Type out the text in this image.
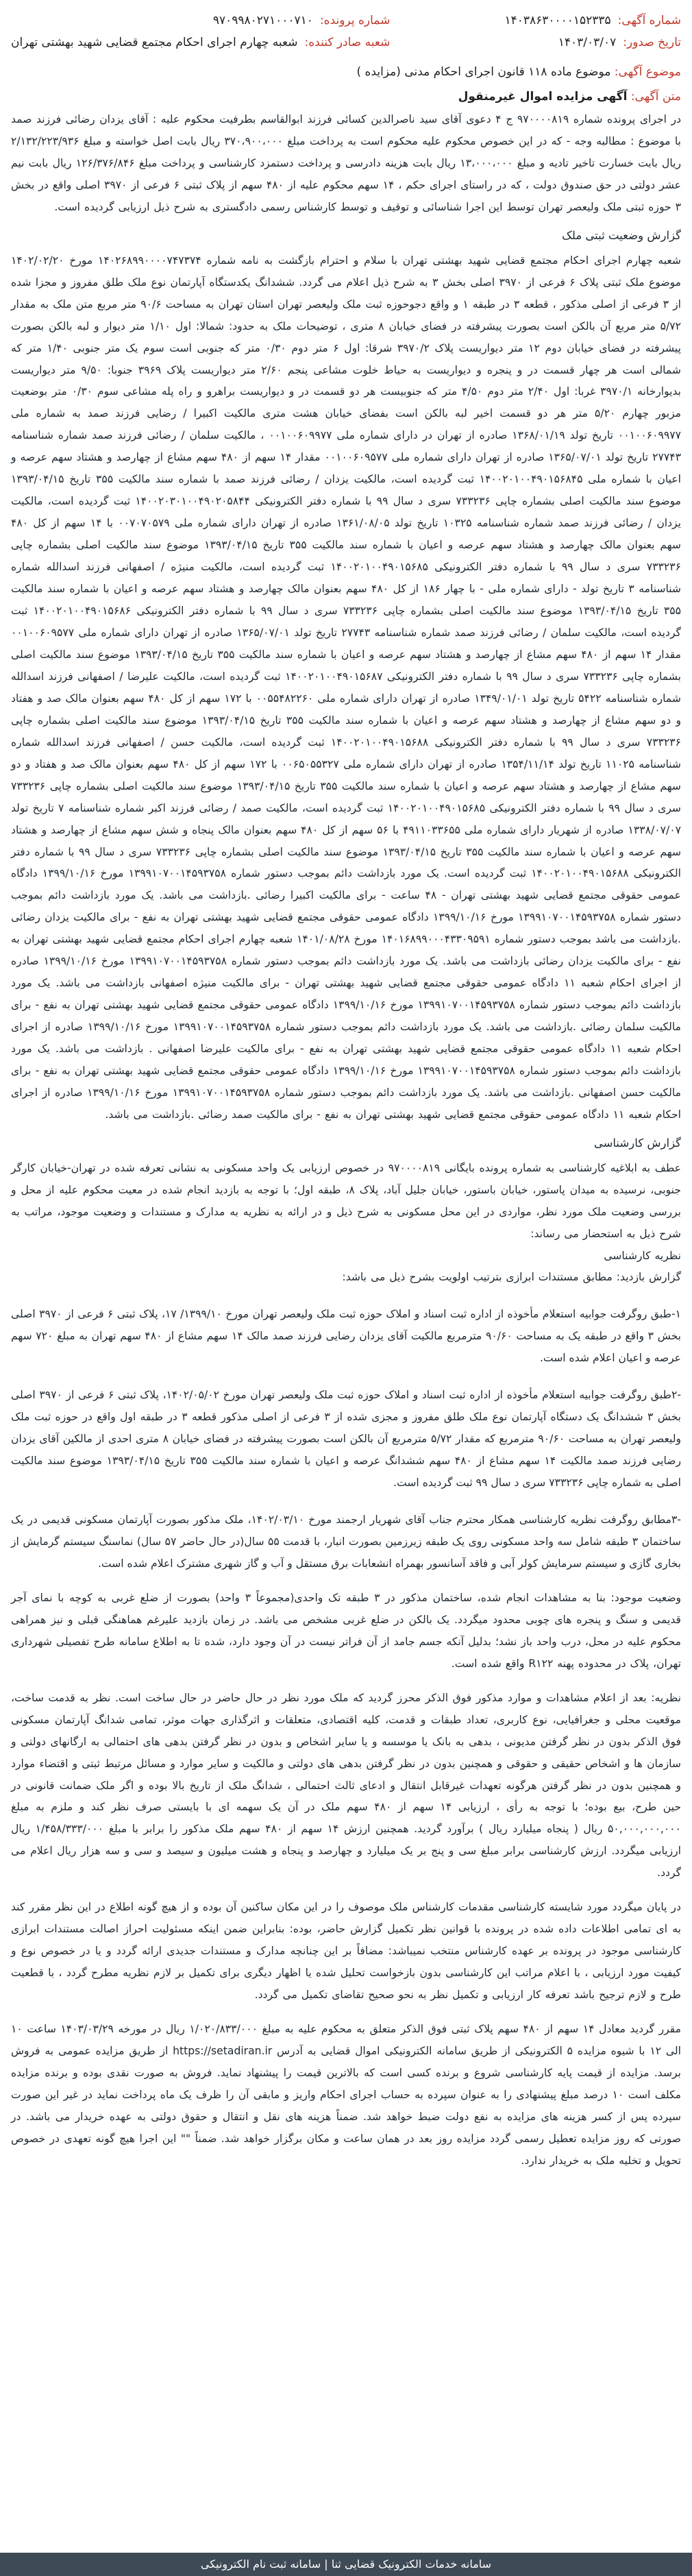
شماره آگهی:
۱۴۰۳۸۶۳۰۰۰۰۱۵۲۳۳۵
تاریخ صدور:
۱۴۰۳/۰۳/۰۷
شماره پرونده:
۹۷۰۹۹۸۰۲۷۱۰۰۰۷۱۰
شعبه صادر کننده:
شعبه چهارم اجرای احکام مجتمع قضایی شهید بهشتی تهران
موضوع آگهی: موضوع ماده ۱۱۸ قانون اجرای احکام مدنی (مزایده )
متن آگهی: آگهی مزایده اموال غیرمنقول

در اجرای پرونده شماره ۹۷۰۰۰۰۸۱۹ ج ۴ دعوی آقای سید ناصرالدین کسائی فرزند ابوالقاسم بطرفیت محکوم علیه : آقای یزدان رضائی فرزند صمد با موضوع : مطالبه وجه - که در این خصوص محکوم علیه محکوم است به پرداخت مبلغ ۳۷۰،۹۰۰،۰۰۰ ریال بابت اصل خواسته و مبلغ ۲/۱۳۲/۲۲۳/۹۳۶ ریال بابت خسارت تاخیر تادیه و مبلغ ۱۳،۰۰۰،۰۰۰ ریال بابت هزینه دادرسی و پرداخت دستمزد کارشناسی و پرداخت مبلغ ۱۲۶/۳۷۶/۸۴۶ ریال بابت نیم عشر دولتی در حق صندوق دولت ، که در راستای اجرای حکم ، ۱۴ سهم محکوم علیه از ۴۸۰ سهم از پلاک ثبتی ۶ فرعی از ۳۹۷۰ اصلی واقع در بخش ۳ حوزه ثبتی ملک ولیعصر تهران توسط این اجرا شناسائی و توقیف و توسط کارشناس رسمی دادگستری به شرح ذیل ارزیابی گردیده است.

گزارش وضعیت ثبتی ملک

شعبه چهارم اجرای احکام مجتمع قضایی شهید بهشتی تهران با سلام و احترام بازگشت به نامه شماره ۱۴۰۲۶۸۹۹۰۰۰۰۷۴۷۳۷۴ مورخ ۱۴۰۲/۰۲/۲۰ موضوع ملک ثبتی پلاک ۶ فرعی از ۳۹۷۰ اصلی بخش ۳ به شرح ذیل اعلام می گردد. ششدانگ یکدستگاه آپارتمان نوع ملک طلق مفروز و مجزا شده از ۳ فرعی از اصلی مذکور ، قطعه ۳ در طبقه ۱ و واقع دجوحوزه ثبت ملک ولیعصر تهران استان تهران به مساحت ۹۰/۶ متر مربع متن ملک به مقدار ۵/۷۲ متر مربع آن بالکن است بصورت پیشرفته در فضای خیابان ۸ متری ، توضیحات ملک به حدود: شمالا: اول ۱/۱۰ متر دیوار و لبه بالکن بصورت پیشرفته در فضای خیابان دوم ۱۲ متر دیواریست پلاک ۳۹۷۰/۲ شرقا: اول ۶ متر دوم ۰/۳۰ متر که جنوبی است سوم یک متر جنوبی ۱/۴۰ متر که شمالی است هر چهار قسمت در و پنجره و دیواریست به حیاط خلوت مشاعی پنجم ۲/۶۰ متر دیواریست پلاک ۳۹۶۹ جنوبا: ۹/۵۰ متر دیواریست بدیوارخانه ۳۹۷۰/۱ غربا: اول ۲/۴۰ متر دوم ۴/۵۰ متر که جنوبیست هر دو قسمت در و دیواریست براهرو و راه پله مشاعی سوم ۰/۳۰ متر بوضعیت مزبور چهارم ۵/۲۰ متر هر دو قسمت اخیر لبه بالکن است بفضای خیابان هشت متری مالکیت اکبیرا / رضایی فرزند صمد به شماره ملی ۰۰۱۰۰۶۰۹۹۷۷ تاریخ تولد ۱۳۶۸/۰۱/۱۹ صادره از تهران در دارای شماره ملی ۰۰۱۰۰۶۰۹۹۷۷ ، مالکیت سلمان / رضائی فرزند صمد شماره شناسنامه ۲۷۷۴۳ تاریخ تولد ۱۳۶۵/۰۷/۰۱ صادره از تهران دارای شماره ملی ۰۰۱۰۰۶۰۹۵۷۷ مقدار ۱۴ سهم از ۴۸۰ سهم مشاع از چهارصد و هشتاد سهم عرصه و اعیان با شماره ملی ۱۴۰۰۲۰۱۰۰۴۹۰۱۵۶۸۴۵ ثبت گردیده است، مالکیت یزدان / رضائی فرزند صمد با شماره سند مالکیت ۳۵۵ تاریخ ۱۳۹۳/۰۴/۱۵ موضوع سند مالکیت اصلی بشماره چاپی ۷۳۳۲۳۶ سری د سال ۹۹ با شماره دفتر الکترونیکی ۱۴۰۰۲۰۳۰۱۰۰۴۹۰۲۰۵۸۴۴ ثبت گردیده است، مالکیت یزدان / رضائی فرزند صمد شماره شناسنامه ۱۰۳۲۵ تاریخ تولد ۱۳۶۱/۰۸/۰۵ صادره از تهران دارای شماره ملی ۰۰۷۰۷۰۵۷۹ با ۱۴ سهم از کل ۴۸۰ سهم بعنوان مالک چهارصد و هشتاد سهم عرصه و اعیان با شماره سند مالکیت ۳۵۵ تاریخ ۱۳۹۳/۰۴/۱۵ موضوع سند مالکیت اصلی بشماره چاپی ۷۳۳۲۳۶ سری د سال ۹۹ با شماره دفتر الکترونیکی ۱۴۰۰۲۰۱۰۰۴۹۰۱۵۶۸۵ ثبت گردیده است، مالکیت منیژه / اصفهانی فرزند اسدالله شماره شناسنامه ۳ تاریخ تولد - دارای شماره ملی - با چهار ۱۸۶ از کل ۴۸۰ سهم بعنوان مالک چهارصد و هشتاد سهم عرصه و اعیان با شماره سند مالکیت ۳۵۵ تاریخ ۱۳۹۳/۰۴/۱۵ موضوع سند مالکیت اصلی بشماره چاپی ۷۳۳۲۳۶ سری د سال ۹۹ با شماره دفتر الکترونیکی ۱۴۰۰۲۰۱۰۰۴۹۰۱۵۶۸۶ ثبت گردیده است، مالکیت سلمان / رضائی فرزند صمد شماره شناسنامه ۲۷۷۴۳ تاریخ تولد ۱۳۶۵/۰۷/۰۱ صادره از تهران دارای شماره ملی ۰۰۱۰۰۶۰۹۵۷۷ مقدار ۱۴ سهم از ۴۸۰ سهم مشاع از چهارصد و هشتاد سهم عرصه و اعیان با شماره سند مالکیت ۳۵۵ تاریخ ۱۳۹۳/۰۴/۱۵ موضوع سند مالکیت اصلی بشماره چاپی ۷۳۳۲۳۶ سری د سال ۹۹ با شماره دفتر الکترونیکی ۱۴۰۰۲۰۱۰۰۴۹۰۱۵۶۸۷ ثبت گردیده است، مالکیت علیرضا / اصفهانی فرزند اسدالله شماره شناسنامه ۵۴۲۲ تاریخ تولد ۱۳۴۹/۰۱/۰۱ صادره از تهران دارای شماره ملی ۰۰۵۵۴۸۲۲۶۰ با ۱۷۲ سهم از کل ۴۸۰ سهم بعنوان مالک صد و هفتاد و دو سهم مشاع از چهارصد و هشتاد سهم عرصه و اعیان با شماره سند مالکیت ۳۵۵ تاریخ ۱۳۹۳/۰۴/۱۵ موضوع سند مالکیت اصلی بشماره چاپی ۷۳۳۲۳۶ سری د سال ۹۹ با شماره دفتر الکترونیکی ۱۴۰۰۲۰۱۰۰۴۹۰۱۵۶۸۸ ثبت گردیده است، مالکیت حسن / اصفهانی فرزند اسدالله شماره شناسنامه ۱۱۰۲۵ تاریخ تولد ۱۳۵۴/۱۱/۱۴ صادره از تهران دارای شماره ملی ۰۰۶۵۰۵۵۳۲۷ با ۱۷۲ سهم از کل ۴۸۰ سهم بعنوان مالک صد و هفتاد و دو سهم مشاع از چهارصد و هشتاد سهم عرصه و اعیان با شماره سند مالکیت ۳۵۵ تاریخ ۱۳۹۳/۰۴/۱۵ موضوع سند مالکیت اصلی بشماره چاپی ۷۳۳۲۳۶ سری د سال ۹۹ با شماره دفتر الکترونیکی ۱۴۰۰۲۰۱۰۰۴۹۰۱۵۶۸۵ ثبت گردیده است، مالکیت صمد / رضائی فرزند اکبر شماره شناسنامه ۷ تاریخ تولد ۱۳۳۸/۰۷/۰۷ صادره از شهریار دارای شماره ملی ۴۹۱۱۰۳۳۶۵۵ با ۵۶ سهم از کل ۴۸۰ سهم بعنوان مالک پنجاه و شش سهم مشاع از چهارصد و هشتاد سهم عرصه و اعیان با شماره سند مالکیت ۳۵۵ تاریخ ۱۳۹۳/۰۴/۱۵ موضوع سند مالکیت اصلی بشماره چاپی ۷۳۳۲۳۶ سری د سال ۹۹ با شماره دفتر الکترونیکی ۱۴۰۰۲۰۱۰۰۴۹۰۱۵۶۸۸ ثبت گردیده است. یک مورد بازداشت دائم بموجب دستور شماره ۱۳۹۹۱۰۷۰۰۱۴۵۹۳۷۵۸ مورخ ۱۳۹۹/۱۰/۱۶ دادگاه عمومی حقوقی مجتمع قضایی شهید بهشتی تهران - ۴۸ ساعت - برای مالکیت اکبیرا رضائی .بازداشت می باشد. یک مورد بازداشت دائم بموجب دستور شماره ۱۳۹۹۱۰۷۰۰۱۴۵۹۳۷۵۸ مورخ ۱۳۹۹/۱۰/۱۶ دادگاه عمومی حقوقی مجتمع قضایی شهید بهشتی تهران به نفع - برای مالکیت یزدان رضائی .بازداشت می باشد بموجب دستور شماره ۱۴۰۱۶۸۹۹۰۰۰۴۳۳۰۹۵۹۱ مورخ ۱۴۰۱/۰۸/۲۸ شعبه چهارم اجرای احکام مجتمع قضایی شهید بهشتی تهران به نفع - برای مالکیت یزدان رضائی بازداشت می باشد. یک مورد بازداشت دائم بموجب دستور شماره ۱۳۹۹۱۰۷۰۰۱۴۵۹۳۷۵۸ مورخ ۱۳۹۹/۱۰/۱۶ صادره از اجرای احکام شعبه ۱۱ دادگاه عمومی حقوقی مجتمع قضایی شهید بهشتی تهران - برای مالکیت منیژه اصفهانی بازداشت می باشد. یک مورد بازداشت دائم بموجب دستور شماره ۱۳۹۹۱۰۷۰۰۱۴۵۹۳۷۵۸ مورخ ۱۳۹۹/۱۰/۱۶ دادگاه عمومی حقوقی مجتمع قضایی شهید بهشتی تهران به نفع - برای مالکیت سلمان رضائی .بازداشت می باشد. یک مورد بازداشت دائم بموجب دستور شماره ۱۳۹۹۱۰۷۰۰۱۴۵۹۳۷۵۸ مورخ ۱۳۹۹/۱۰/۱۶ صادره از اجرای احکام شعبه ۱۱ دادگاه عمومی حقوقی مجتمع قضایی شهید بهشتی تهران به نفع - برای مالکیت علیرضا اصفهانی . بازداشت می باشد. یک مورد بازداشت دائم بموجب دستور شماره ۱۳۹۹۱۰۷۰۰۱۴۵۹۳۷۵۸ مورخ ۱۳۹۹/۱۰/۱۶ دادگاه عمومی حقوقی مجتمع قضایی شهید بهشتی تهران به نفع - برای مالکیت حسن اصفهانی .بازداشت می باشد. یک مورد بازداشت دائم بموجب دستور شماره ۱۳۹۹۱۰۷۰۰۱۴۵۹۳۷۵۸ مورخ ۱۳۹۹/۱۰/۱۶ صادره از اجرای احکام شعبه ۱۱ دادگاه عمومی حقوقی مجتمع قضایی شهید بهشتی تهران به نفع - برای مالکیت صمد رضائی .بازداشت می باشد.

گزارش کارشناسی

عطف به ابلاغیه کارشناسی به شماره پرونده بایگانی ۹۷۰۰۰۰۸۱۹ در خصوص ارزیابی یک واحد مسکونی به نشانی تعرفه شده در تهران-خیابان کارگر جنوبی، نرسیده به میدان پاستور، خیابان باستور، خیابان جلیل آباد، پلاک ۸، طبقه اول؛ با توجه به بازدید انجام شده در معیت محکوم علیه از محل و بررسی وضعیت ملک مورد نظر، مواردی در این محل مسکونی به شرح ذیل و در ارائه به نظریه به مدارک و مستندات و وضعیت موجود، مراتب به شرح ذیل به استحضار می رساند:

نظریه کارشناسی

گزارش بازدید: مطابق مستندات ابرازی بترتیب اولویت بشرح ذیل می باشد:

۱-طبق روگرفت جوابیه استعلام مأخوذه از اداره ثبت اسناد و املاک حوزه ثبت ملک ولیعصر تهران مورخ ۱۳۹۹/۱۰/ ۱۷، پلاک ثبتی ۶ فرعی از ۳۹۷۰ اصلی بخش ۳ واقع در طبقه یک به مساحت ۹۰/۶۰ مترمربع مالکیت آقای یزدان رضایی فرزند صمد مالک ۱۴ سهم مشاع از ۴۸۰ سهم تهران به مبلغ ۷۲۰ سهم عرصه و اعیان اعلام شده است.

-۲طبق روگرفت جوابیه استعلام مأخوذه از اداره ثبت اسناد و املاک حوزه ثبت ملک ولیعصر تهران مورخ ۱۴۰۲/۰۵/۰۲، پلاک ثبتی ۶ فرعی از ۳۹۷۰ اصلی بخش ۳ ششدانگ یک دستگاه آپارتمان نوع ملک طلق مفروز و مجزی شده از ۳ فرعی از اصلی مذکور قطعه ۳ در طبقه اول واقع در حوزه ثبت ملک ولیعصر تهران به مساحت ۹۰/۶۰ مترمربع که مقدار ۵/۷۲ مترمربع آن بالکن است بصورت پیشرفته در فضای خیابان ۸ متری احدی از مالکین آقای یزدان رضایی فرزند صمد مالکیت ۱۴ سهم مشاع از ۴۸۰ سهم ششدانگ عرصه و اعیان با شماره سند مالکیت ۳۵۵ تاریخ ۱۳۹۳/۰۴/۱۵ موضوع سند مالکیت اصلی به شماره چاپی ۷۳۳۲۳۶ سری د سال ۹۹ ثبت گردیده است.

-۳مطابق روگرفت نظریه کارشناسی همکار محترم جناب آقای شهریار ارجمند مورخ ۱۴۰۲/۰۳/۱۰، ملک مذکور بصورت آپارتمان مسکونی قدیمی در یک ساختمان ۳ طبقه شامل سه واحد مسکونی روی یک طبقه زیرزمین بصورت انبار، با قدمت ۵۵ سال(در حال حاضر ۵۷ سال) نماسنگ سیستم گرمایش از بخاری گازی و سیستم سرمایش کولر آبی و فاقد آسانسور بهمراه انشعابات برق مستقل و آب و گاز شهری مشترک اعلام شده است.

وضعیت موجود: بنا به مشاهدات انجام شده، ساختمان مذکور در ۳ طبقه تک واحدی(مجموعاً ۳ واحد) بصورت از ضلع غربی به کوچه با نمای آجر قدیمی و سنگ و پنجره های چوبی محدود میگردد. یک بالکن در ضلع غربی مشخص می باشد. در زمان بازدید علیرغم هماهنگی قبلی و نیز همراهی محکوم علیه در محل، درب واحد باز نشد؛ بدلیل آنکه جسم جامد از آن فراتر نیست در آن وجود دارد، شده تا به اطلاع سامانه طرح تفصیلی شهرداری تهران، پلاک در محدوده پهنه R۱۲۲ واقع شده است.

نظریه: بعد از اعلام مشاهدات و موارد مذکور فوق الذکر محرز گردید که ملک مورد نظر در حال حاضر در حال ساخت است. نظر به قدمت ساخت، موقعیت محلی و جغرافیایی، نوع کاربری، تعداد طبقات و قدمت، کلیه اقتصادی، متعلقات و اثرگذاری جهات موثر، تمامی شدانگ آپارتمان مسکونی فوق الذکر بدون در نظر گرفتن مدیونی ، بدهی به بانک یا موسسه و یا سایر اشخاص و بدون در نظر گرفتن بدهی های احتمالی به ارگانهای دولتی و سازمان ها و اشخاص حقیقی و حقوقی و همچنین بدون در نظر گرفتن بدهی های دولتی و مالکیت و سایر موارد و مسائل مرتبط ثبتی و اقتضاء موارد و همچنین بدون در نظر گرفتن هرگونه تعهدات غیرقابل انتقال و ادعای ثالث احتمالی ، شدانگ ملک از تاریخ بالا بوده و اگر ملک ضمانت قانونی در حین طرح، بیع بوده؛ با توجه به رأی ، ارزیابی ۱۴ سهم از ۴۸۰ سهم ملک در آن یک سهمه ای با بایستی صرف نظر کند و ملزم به مبلغ ۵۰,۰۰۰,۰۰۰,۰۰۰ ریال ( پنجاه میلیارد ریال ) برآورد گردید. همچنین ارزش ۱۴ سهم از ۴۸۰ سهم ملک مذکور را برابر با مبلغ ۱/۴۵۸/۳۳۳/۰۰۰ ریال ارزیابی میگردد. ارزش کارشناسی برابر مبلغ سی و پنج بر یک میلیارد و چهارصد و پنجاه و هشت میلیون و سیصد و سی و سه هزار ریال اعلام می گردد.

در پایان میگردد مورد شایسته کارشناسی مقدمات کارشناس ملک موصوف را در این مکان ساکنین آن بوده و از هیچ گونه اطلاع در این نظر مقرر کند به ای تمامی اطلاعات داده شده در پرونده با قوانین نظر تکمیل گزارش حاضر، بوده: بنابراین ضمن اینکه مسئولیت احراز اصالت مستندات ابرازی کارشناسی موجود در پرونده بر عهده کارشناس منتخب نمیباشد: مضافاً بر این چنانچه مدارک و مستندات جدیدی ارائه گردد و یا در خصوص نوع و کیفیت مورد ارزیابی ، با اعلام مراتب این کارشناسی بدون بازخواست تحلیل شده یا اظهار دیگری برای تکمیل بر لازم نظریه مطرح گردد ، با قطعیت طرح و لازم ترجیح باشد تعرفه کار ارزیابی و تکمیل نظر به نحو صحیح تقاضای تکمیل می گردد.

مقرر گردید معادل ۱۴ سهم از ۴۸۰ سهم پلاک ثبتی فوق الذکر متعلق به محکوم علیه به مبلغ ۱/۰۲۰/۸۳۳/۰۰۰ ریال در مورخه ۱۴۰۳/۰۳/۲۹ ساعت ۱۰ الی ۱۲ با شیوه مزایده ۵ الکترونیکی از طریق سامانه الکترونیکی اموال قضایی به آدرس https://setadiran.ir از طریق مزایده عمومی به فروش برسد. مزایده از قیمت پایه کارشناسی شروع و برنده کسی است که بالاترین قیمت را پیشنهاد نماید. فروش به صورت نقدی بوده و برنده مزایده مکلف است ۱۰ درصد مبلغ پیشنهادی را به عنوان سپرده به حساب اجرای احکام واریز و مابقی آن را ظرف یک ماه پرداخت نماید در غیر این صورت سپرده پس از کسر هزینه های مزایده به نفع دولت ضبط خواهد شد. ضمناً هزینه های نقل و انتقال و حقوق دولتی به عهده خریدار می باشد. در صورتی که روز مزایده تعطیل رسمی گردد مزایده روز بعد در همان ساعت و مکان برگزار خواهد شد. ضمناً "" این اجرا هیچ گونه تعهدی در خصوص تحویل و تخلیه ملک به خریدار ندارد.

سامانه خدمات الکترونیک قضایی ثنا | سامانه ثبت نام الکترونیکی
